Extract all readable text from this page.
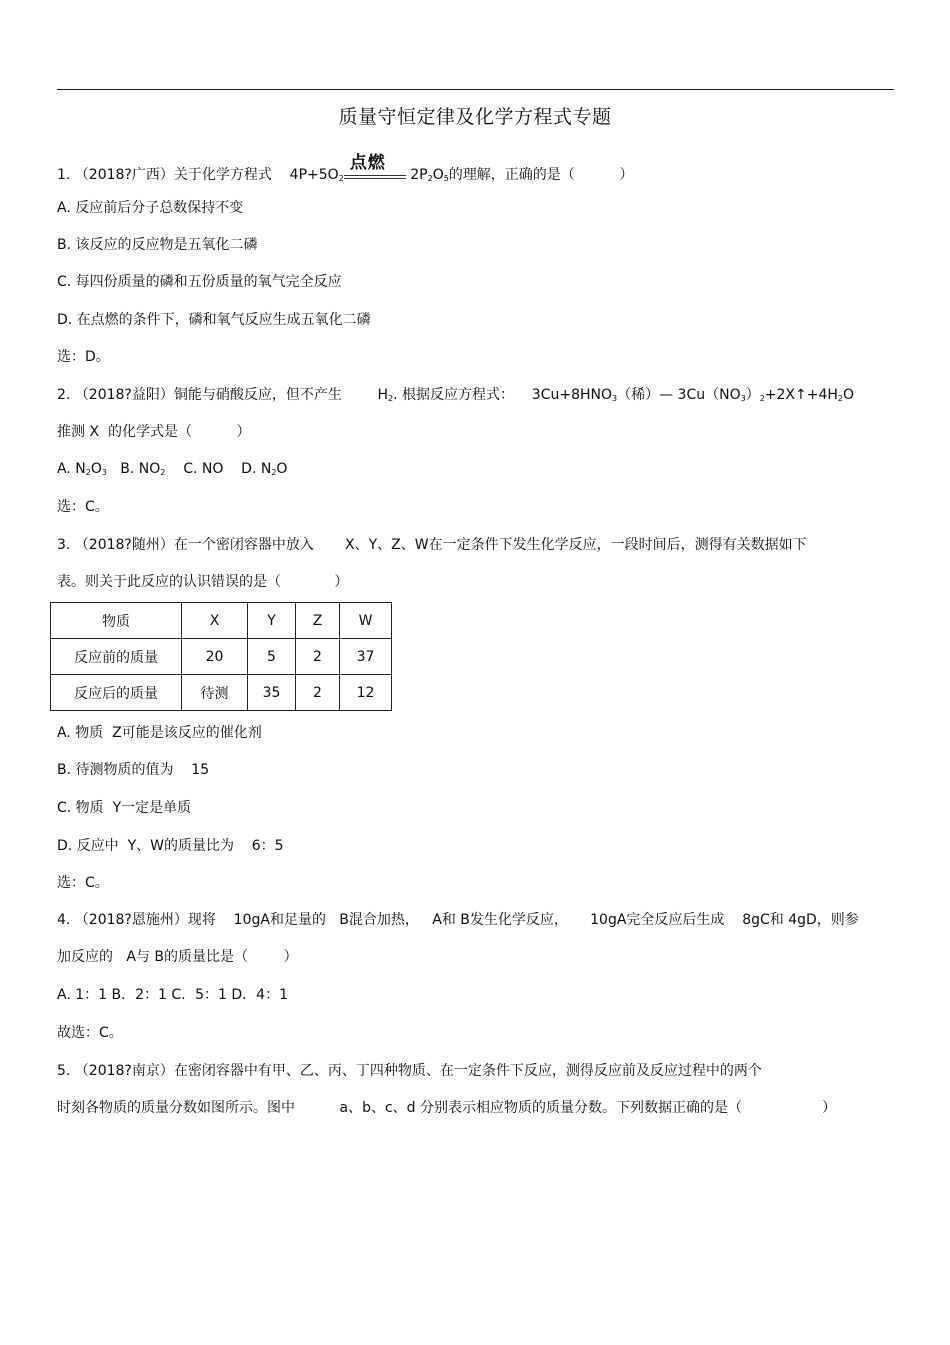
质量守恒定律及化学方程式专题
1. （2018?广西）关于化学方程式    $4P+5O_2$
点燃
$2P_2O_5$的理解，正确的是（          ）
A. 反应前后分子总数保持不变
B. 该反应的反应物是五氧化二磷
C. 每四份质量的磷和五份质量的氧气完全反应
D. 在点燃的条件下，磷和氧气反应生成五氧化二磷
选：D。
2. （2018?益阳）铜能与硝酸反应，但不产生        $H_2$. 根据反应方程式：    $3Cu+8HNO_3$（稀）— $3Cu(NO_3)_2+2X↑+4H_2O$
推测 X  的化学式是（          ）
A. $N_2O_3$   B. $NO_2$    C. NO    D. $N_2O$
选：C。
3. （2018?随州）在一个密闭容器中放入       X、Y、Z、W在一定条件下发生化学反应，一段时间后，测得有关数据如下
表。则关于此反应的认识错误的是（            ）
物质	X	Y	Z	W
反应前的质量	20	5	2	37
反应后的质量	待测	35	2	12
A. 物质  Z可能是该反应的催化剂
B. 待测物质的值为    15
C. 物质  Y一定是单质
D. 反应中  Y、W的质量比为    6：5
选：C。
4. （2018?恩施州）现将    10gA和足量的   B混合加热，   A和 B发生化学反应，     10gA完全反应后生成    8gC和 4gD，则参
加反应的   A与 B的质量比是（        ）
A. 1：1 B．2：1 C．5：1 D．4：1
故选：C。
5. （2018?南京）在密闭容器中有甲、乙、丙、丁四种物质、在一定条件下反应，测得反应前及反应过程中的两个
时刻各物质的质量分数如图所示。图中          a、b、c、d 分别表示相应物质的质量分数。下列数据正确的是（                  ）
